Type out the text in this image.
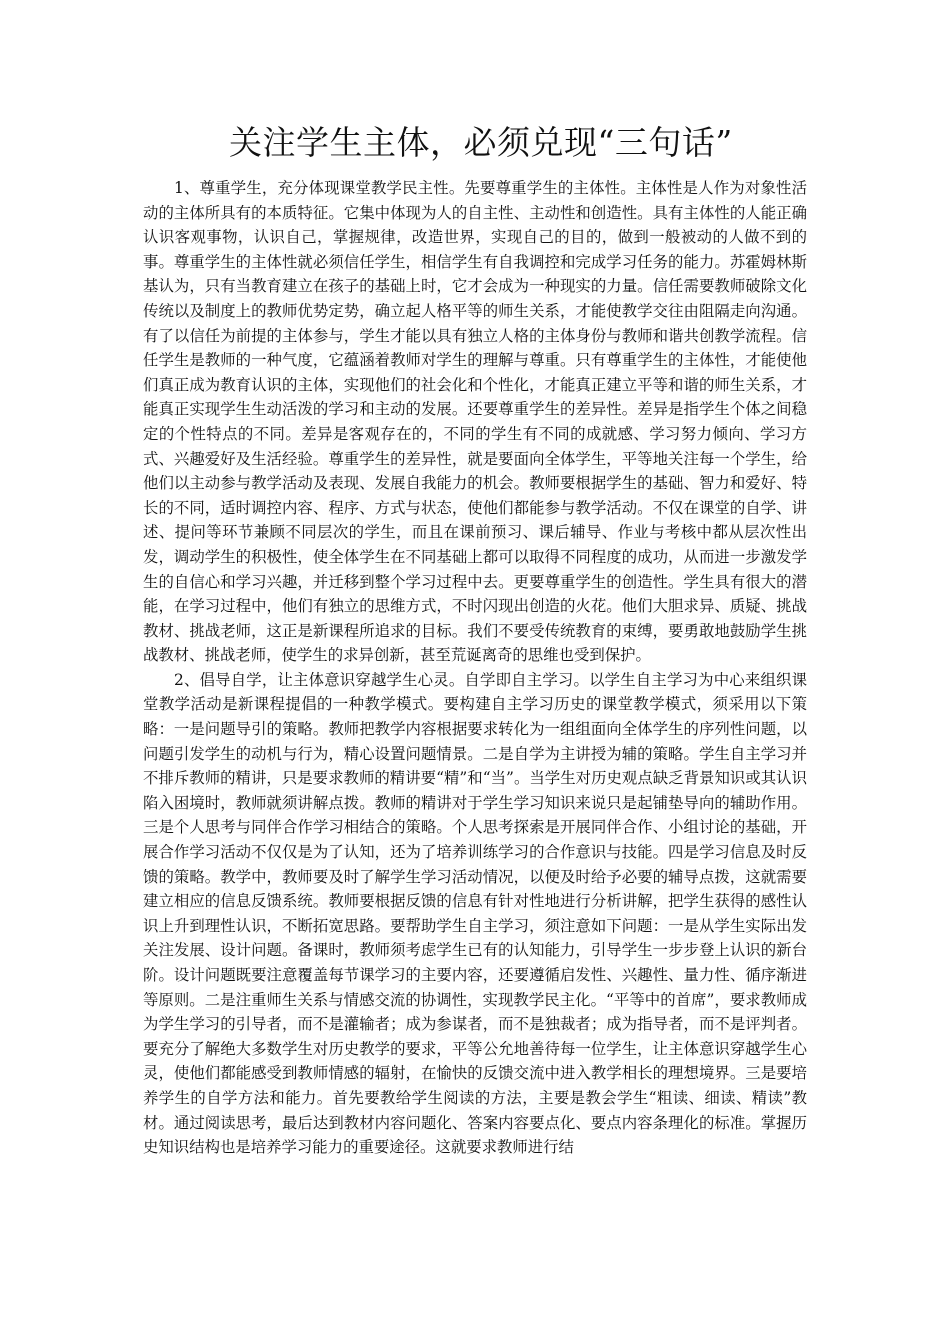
关注学生主体，必须兑现“三句话”

1、尊重学生，充分体现课堂教学民主性。先要尊重学生的主体性。主体性是人作为对象性活动的主体所具有的本质特征。它集中体现为人的自主性、主动性和创造性。具有主体性的人能正确认识客观事物，认识自己，掌握规律，改造世界，实现自己的目的，做到一般被动的人做不到的事。尊重学生的主体性就必须信任学生，相信学生有自我调控和完成学习任务的能力。苏霍姆林斯基认为，只有当教育建立在孩子的基础上时，它才会成为一种现实的力量。信任需要教师破除文化传统以及制度上的教师优势定势，确立起人格平等的师生关系，才能使教学交往由阻隔走向沟通。有了以信任为前提的主体参与，学生才能以具有独立人格的主体身份与教师和谐共创教学流程。信任学生是教师的一种气度，它蕴涵着教师对学生的理解与尊重。只有尊重学生的主体性，才能使他们真正成为教育认识的主体，实现他们的社会化和个性化，才能真正建立平等和谐的师生关系，才能真正实现学生生动活泼的学习和主动的发展。还要尊重学生的差异性。差异是指学生个体之间稳定的个性特点的不同。差异是客观存在的，不同的学生有不同的成就感、学习努力倾向、学习方式、兴趣爱好及生活经验。尊重学生的差异性，就是要面向全体学生，平等地关注每一个学生，给他们以主动参与教学活动及表现、发展自我能力的机会。教师要根据学生的基础、智力和爱好、特长的不同，适时调控内容、程序、方式与状态，使他们都能参与教学活动。不仅在课堂的自学、讲述、提问等环节兼顾不同层次的学生，而且在课前预习、课后辅导、作业与考核中都从层次性出发，调动学生的积极性，使全体学生在不同基础上都可以取得不同程度的成功，从而进一步激发学生的自信心和学习兴趣，并迁移到整个学习过程中去。更要尊重学生的创造性。学生具有很大的潜能，在学习过程中，他们有独立的思维方式，不时闪现出创造的火花。他们大胆求异、质疑、挑战教材、挑战老师，这正是新课程所追求的目标。我们不要受传统教育的束缚，要勇敢地鼓励学生挑战教材、挑战老师，使学生的求异创新，甚至荒诞离奇的思维也受到保护。

2、倡导自学，让主体意识穿越学生心灵。自学即自主学习。以学生自主学习为中心来组织课堂教学活动是新课程提倡的一种教学模式。要构建自主学习历史的课堂教学模式，须采用以下策略：一是问题导引的策略。教师把教学内容根据要求转化为一组组面向全体学生的序列性问题，以问题引发学生的动机与行为，精心设置问题情景。二是自学为主讲授为辅的策略。学生自主学习并不排斥教师的精讲，只是要求教师的精讲要“精”和“当”。当学生对历史观点缺乏背景知识或其认识陷入困境时，教师就须讲解点拨。教师的精讲对于学生学习知识来说只是起铺垫导向的辅助作用。三是个人思考与同伴合作学习相结合的策略。个人思考探索是开展同伴合作、小组讨论的基础，开展合作学习活动不仅仅是为了认知，还为了培养训练学习的合作意识与技能。四是学习信息及时反馈的策略。教学中，教师要及时了解学生学习活动情况，以便及时给予必要的辅导点拨，这就需要建立相应的信息反馈系统。教师要根据反馈的信息有针对性地进行分析讲解，把学生获得的感性认识上升到理性认识，不断拓宽思路。要帮助学生自主学习，须注意如下问题：一是从学生实际出发关注发展、设计问题。备课时，教师须考虑学生已有的认知能力，引导学生一步步登上认识的新台阶。设计问题既要注意覆盖每节课学习的主要内容，还要遵循启发性、兴趣性、量力性、循序渐进等原则。二是注重师生关系与情感交流的协调性，实现教学民主化。“平等中的首席”，要求教师成为学生学习的引导者，而不是灌输者；成为参谋者，而不是独裁者；成为指导者，而不是评判者。要充分了解绝大多数学生对历史教学的要求，平等公允地善待每一位学生，让主体意识穿越学生心灵，使他们都能感受到教师情感的辐射，在愉快的反馈交流中进入教学相长的理想境界。三是要培养学生的自学方法和能力。首先要教给学生阅读的方法，主要是教会学生“粗读、细读、精读”教材。通过阅读思考，最后达到教材内容问题化、答案内容要点化、要点内容条理化的标准。掌握历史知识结构也是培养学习能力的重要途径。这就要求教师进行结
